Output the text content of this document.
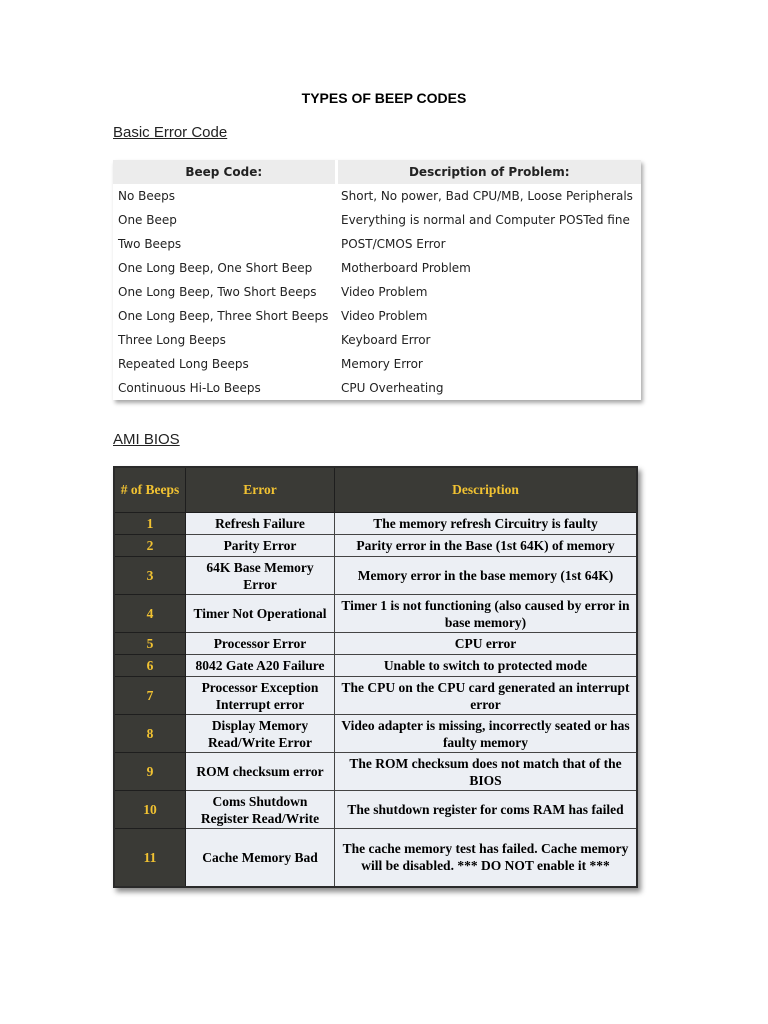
TYPES OF BEEP CODES
Basic Error Code
Beep Code:	Description of Problem:
No Beeps	Short, No power, Bad CPU/MB, Loose Peripherals
One Beep	Everything is normal and Computer POSTed fine
Two Beeps	POST/CMOS Error
One Long Beep, One Short Beep	Motherboard Problem
One Long Beep, Two Short Beeps	Video Problem
One Long Beep, Three Short Beeps	Video Problem
Three Long Beeps	Keyboard Error
Repeated Long Beeps	Memory Error
Continuous Hi-Lo Beeps	CPU Overheating
AMI BIOS
# of Beeps	Error	Description
1	Refresh Failure	The memory refresh Circuitry is faulty
2	Parity Error	Parity error in the Base (1st 64K) of memory
3	64K Base Memory Error	Memory error in the base memory (1st 64K)
4	Timer Not Operational	Timer 1 is not functioning (also caused by error in base memory)
5	Processor Error	CPU error
6	8042 Gate A20 Failure	Unable to switch to protected mode
7	Processor Exception Interrupt error	The CPU on the CPU card generated an interrupt error
8	Display Memory Read/Write Error	Video adapter is missing, incorrectly seated or has faulty memory
9	ROM checksum error	The ROM checksum does not match that of the BIOS
10	Coms Shutdown Register Read/Write	The shutdown register for coms RAM has failed
11	Cache Memory Bad	The cache memory test has failed. Cache memory will be disabled. *** DO NOT enable it ***
